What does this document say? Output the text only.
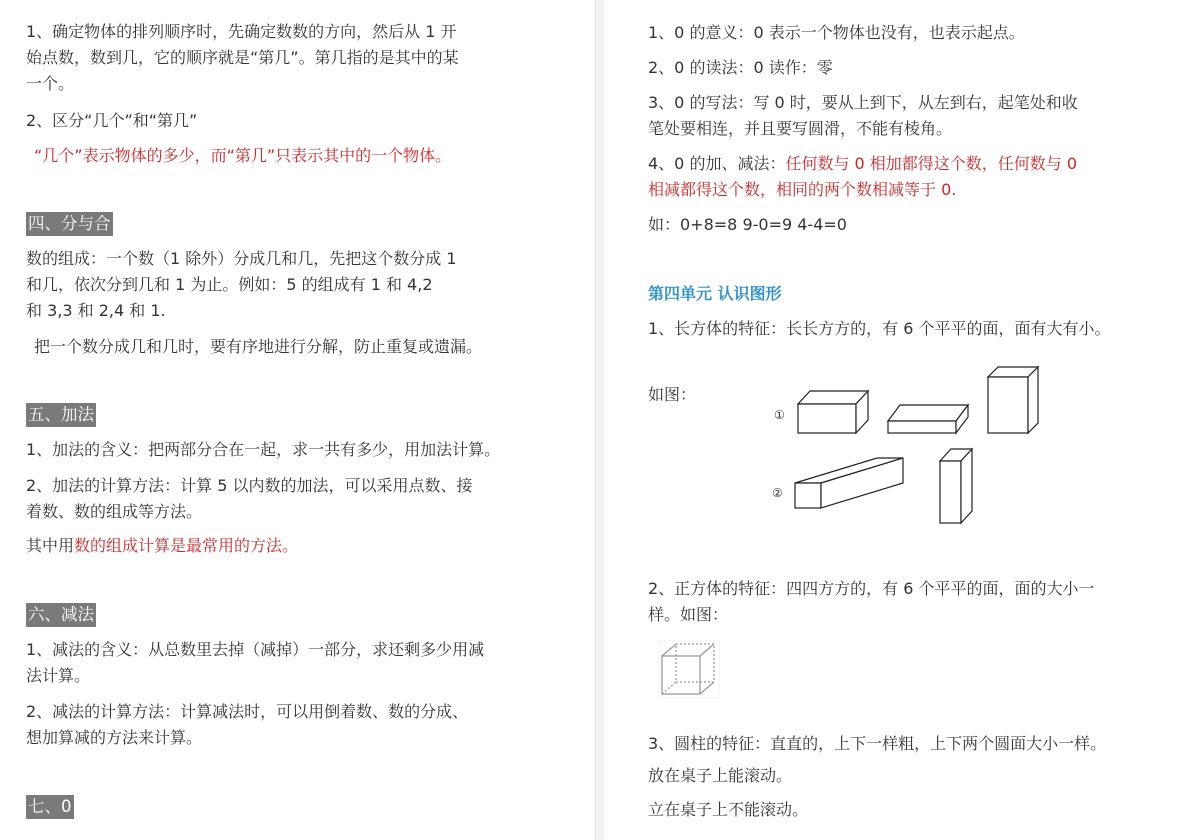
1、确定物体的排列顺序时，先确定数数的方向，然后从 1 开
始点数，数到几，它的顺序就是“第几”。第几指的是其中的某
一个。
2、区分“几个”和“第几”
“几个”表示物体的多少，而“第几”只表示其中的一个物体。
四、分与合
数的组成：一个数（1 除外）分成几和几，先把这个数分成 1
和几，依次分到几和 1 为止。例如：5 的组成有 1 和 4,2
和 3,3 和 2,4 和 1.
把一个数分成几和几时，要有序地进行分解，防止重复或遗漏。
五、加法
1、加法的含义：把两部分合在一起，求一共有多少，用加法计算。
2、加法的计算方法：计算 5 以内数的加法，可以采用点数、接
着数、数的组成等方法。
其中用数的组成计算是最常用的方法。
六、减法
1、减法的含义：从总数里去掉（减掉）一部分，求还剩多少用减
法计算。
2、减法的计算方法：计算减法时，可以用倒着数、数的分成、
想加算减的方法来计算。
七、0
1、0 的意义：0 表示一个物体也没有，也表示起点。
2、0 的读法：0 读作：零
3、0 的写法：写 0 时，要从上到下，从左到右，起笔处和收
笔处要相连，并且要写圆滑，不能有棱角。
4、0 的加、减法：任何数与 0 相加都得这个数，任何数与 0
相减都得这个数，相同的两个数相减等于 0.
如：0+8=8 9-0=9 4-4=0
第四单元 认识图形
1、长方体的特征：长长方方的，有 6 个平平的面，面有大有小。
如图：
①
②
2、正方体的特征：四四方方的，有 6 个平平的面，面的大小一
样。如图：
3、圆柱的特征：直直的，上下一样粗，上下两个圆面大小一样。
放在桌子上能滚动。
立在桌子上不能滚动。
